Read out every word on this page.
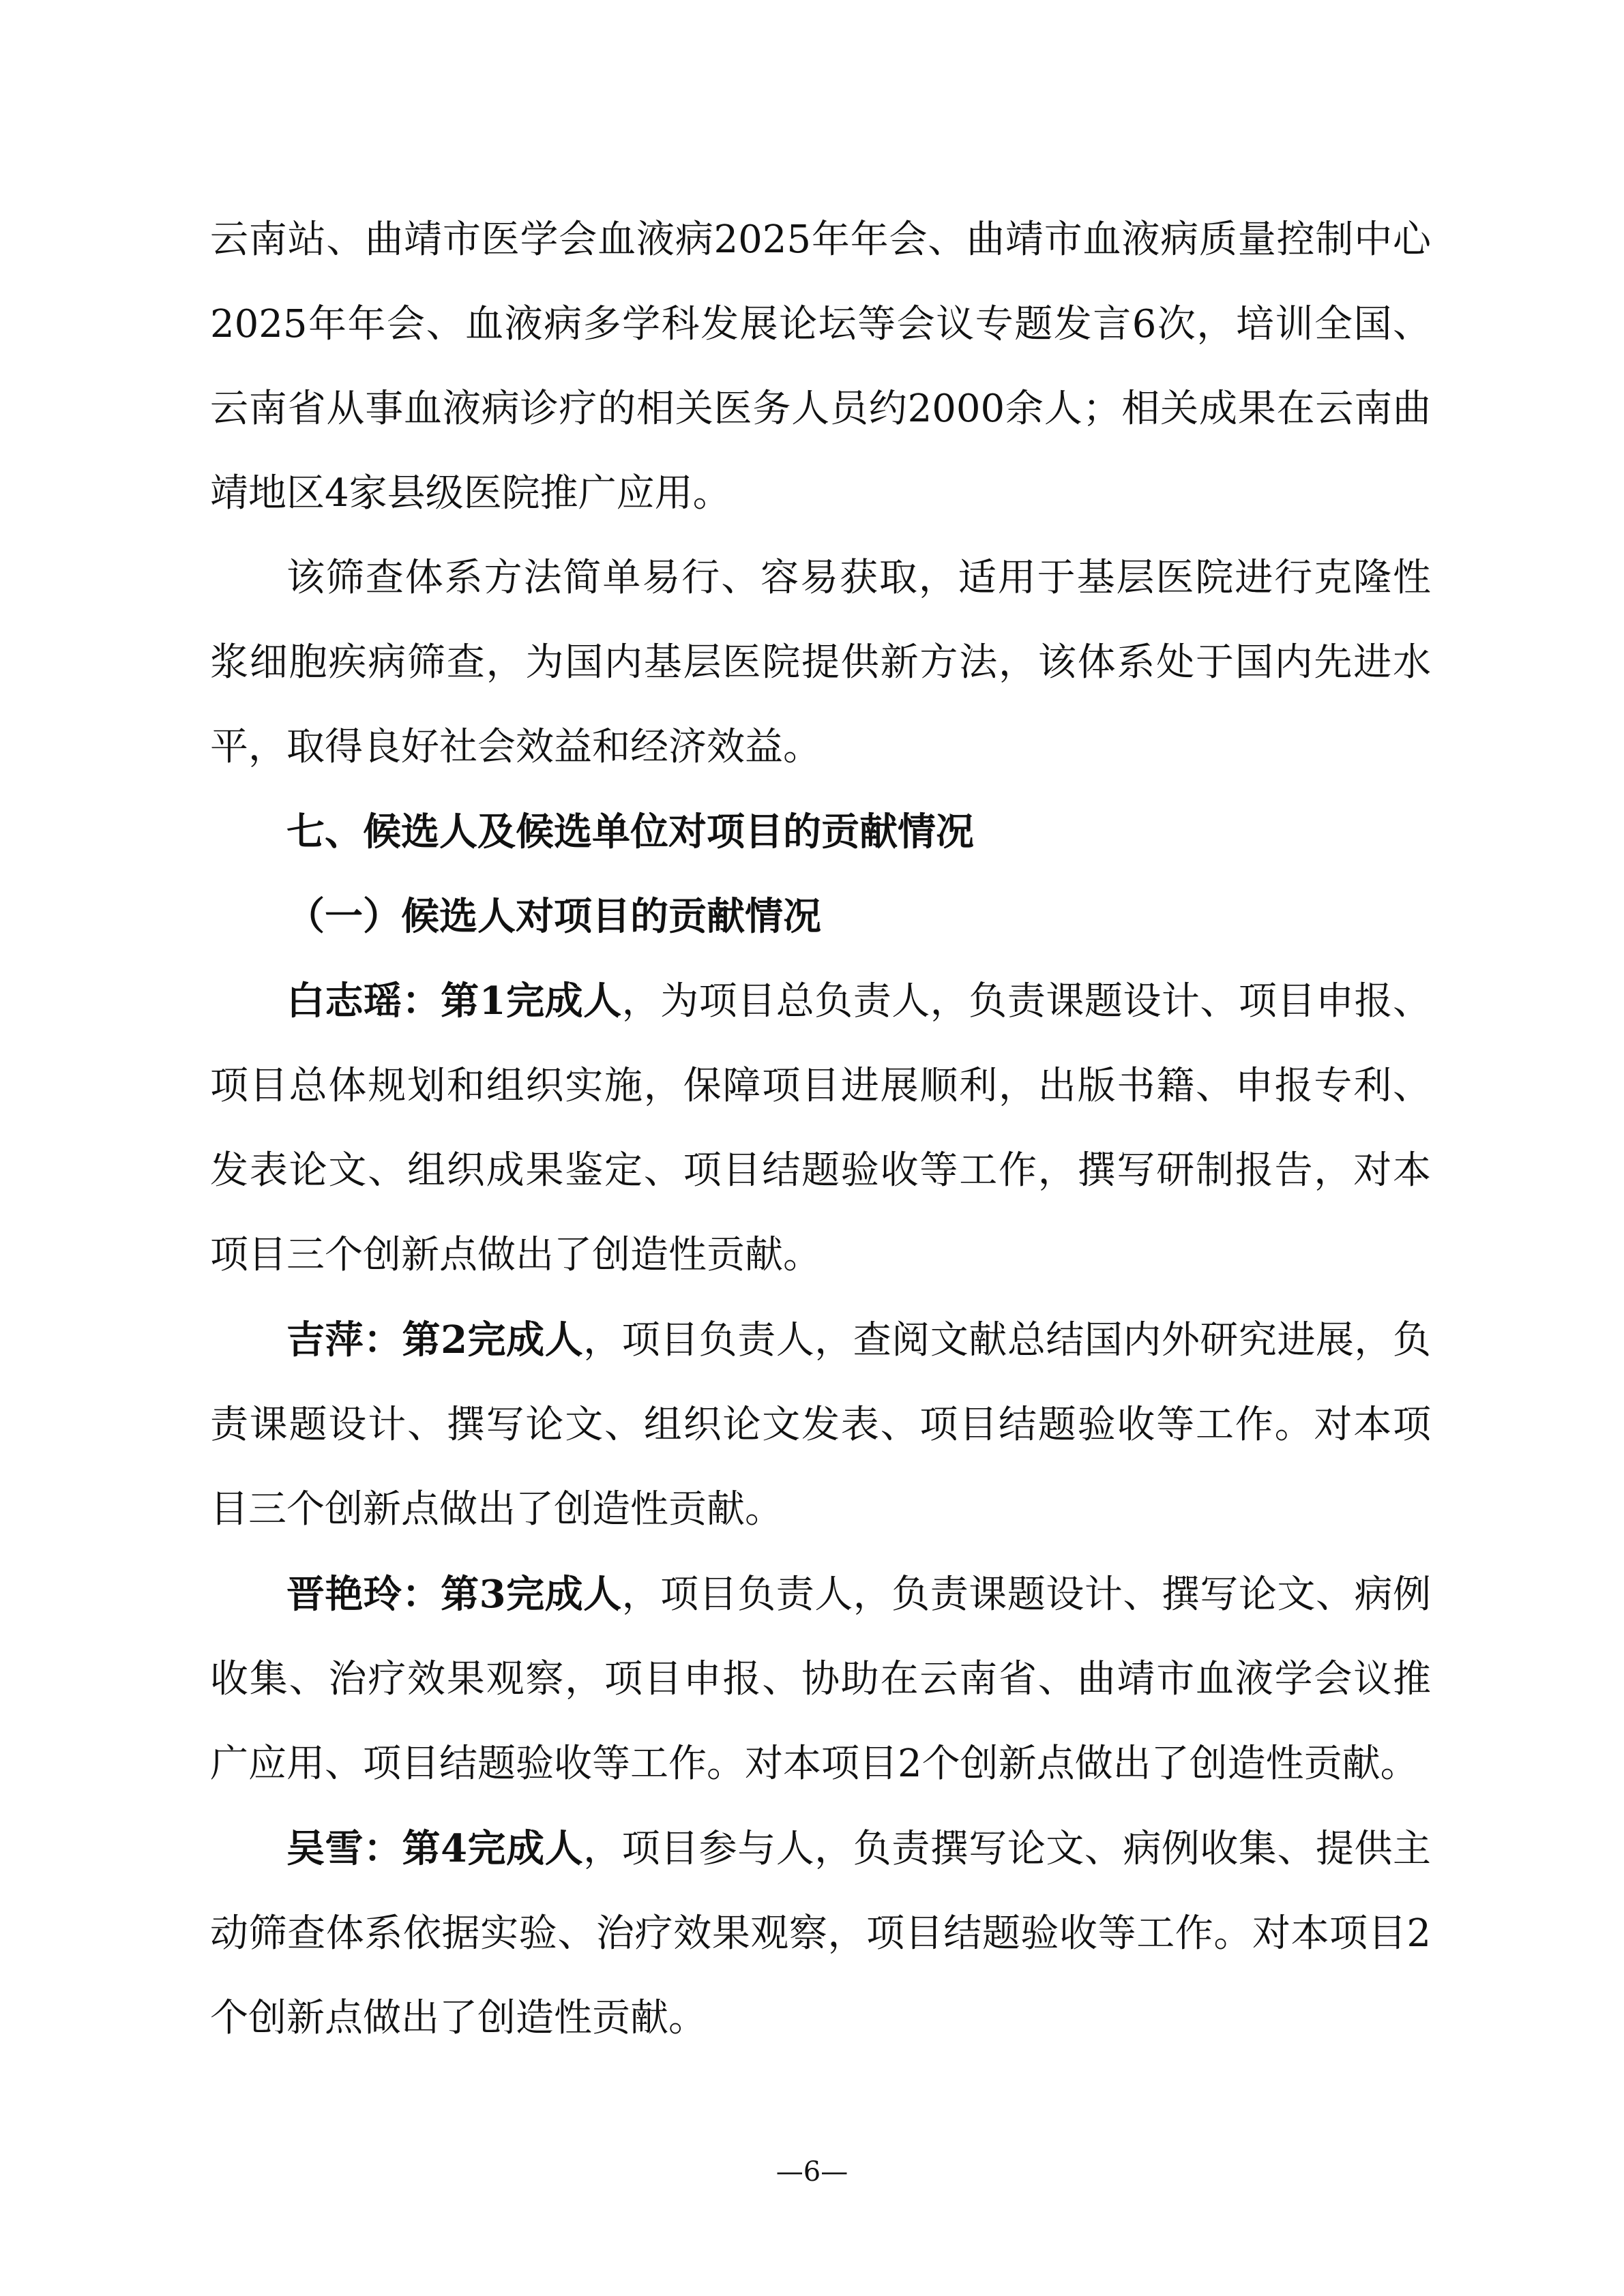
云南站、曲靖市医学会血液病2025年年会、曲靖市血液病质量控制中心2025年年会、血液病多学科发展论坛等会议专题发言6次，培训全国、云南省从事血液病诊疗的相关医务人员约2000余人；相关成果在云南曲靖地区4家县级医院推广应用。

该筛查体系方法简单易行、容易获取，适用于基层医院进行克隆性浆细胞疾病筛查，为国内基层医院提供新方法，该体系处于国内先进水平，取得良好社会效益和经济效益。

七、候选人及候选单位对项目的贡献情况

（一）候选人对项目的贡献情况

白志瑶：第1完成人，为项目总负责人，负责课题设计、项目申报、项目总体规划和组织实施，保障项目进展顺利，出版书籍、申报专利、发表论文、组织成果鉴定、项目结题验收等工作，撰写研制报告，对本项目三个创新点做出了创造性贡献。

吉萍：第2完成人，项目负责人，查阅文献总结国内外研究进展，负责课题设计、撰写论文、组织论文发表、项目结题验收等工作。对本项目三个创新点做出了创造性贡献。

晋艳玲：第3完成人，项目负责人，负责课题设计、撰写论文、病例收集、治疗效果观察，项目申报、协助在云南省、曲靖市血液学会议推广应用、项目结题验收等工作。对本项目2个创新点做出了创造性贡献。

吴雪：第4完成人，项目参与人，负责撰写论文、病例收集、提供主动筛查体系依据实验、治疗效果观察，项目结题验收等工作。对本项目2个创新点做出了创造性贡献。

—6—
